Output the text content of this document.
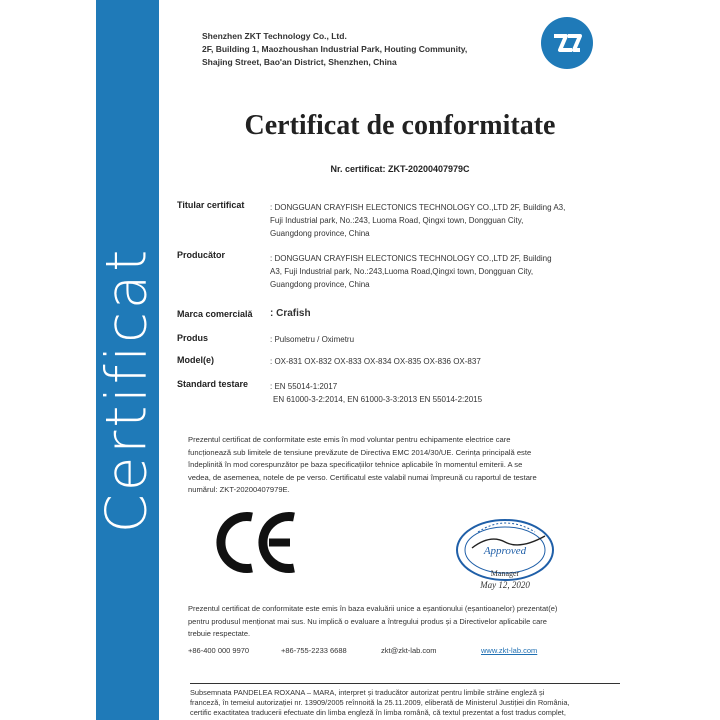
Certificat
Shenzhen ZKT Technology Co., Ltd.
2F, Building 1, Maozhoushan Industrial Park, Houting Community,
Shajing Street, Bao'an District, Shenzhen, China
Certificat de conformitate
Nr. certificat: ZKT-20200407979C
Titular certificat	: DONGGUAN CRAYFISH ELECTONICS TECHNOLOGY CO.,LTD 2F, Building A3,
Fuji Industrial park, No.:243, Luoma Road, Qingxi town, Dongguan City,
Guangdong province, China
Producător	: DONGGUAN CRAYFISH ELECTONICS TECHNOLOGY CO.,LTD 2F, Building
A3, Fuji Industrial park, No.:243,Luoma Road,Qingxi town, Dongguan City,
Guangdong province, China
Marca comercială : Crafish
Produs	: Pulsometru / Oximetru
Model(e)	: OX-831 OX-832 OX-833 OX-834 OX-835 OX-836 OX-837
Standard testare	: EN 55014-1:2017
EN 61000-3-2:2014, EN 61000-3-3:2013 EN 55014-2:2015
Prezentul certificat de conformitate este emis în mod voluntar pentru echipamente electrice care
funcționează sub limitele de tensiune prevăzute de Directiva EMC 2014/30/UE. Cerința principală este
îndeplinită în mod corespunzător pe baza specificațiilor tehnice aplicabile în momentul emiterii. A se
vedea, de asemenea, notele de pe verso. Certificatul este valabil numai împreună cu raportul de testare
numărul: ZKT-20200407979E.
Approved
Manager
May 12, 2020
Prezentul certificat de conformitate este emis în baza evaluării unice a eșantionului (eșantioanelor) prezentat(e)
pentru produsul menționat mai sus. Nu implică o evaluare a întregului produs și a Directivelor aplicabile care
trebuie respectate.
+86-400 000 9970	+86-755-2233 6688	zkt@zkt-lab.com	www.zkt-lab.com
Subsemnata PANDELEA ROXANA – MARA, interpret și traducător autorizat pentru limbile străine engleză și
franceză, în temeiul autorizației nr. 13909/2005 reînnoită la 25.11.2009, eliberată de Ministerul Justiției din România,
certific exactitatea traducerii efectuate din limba engleză în limba română, că textul prezentat a fost tradus complet,
